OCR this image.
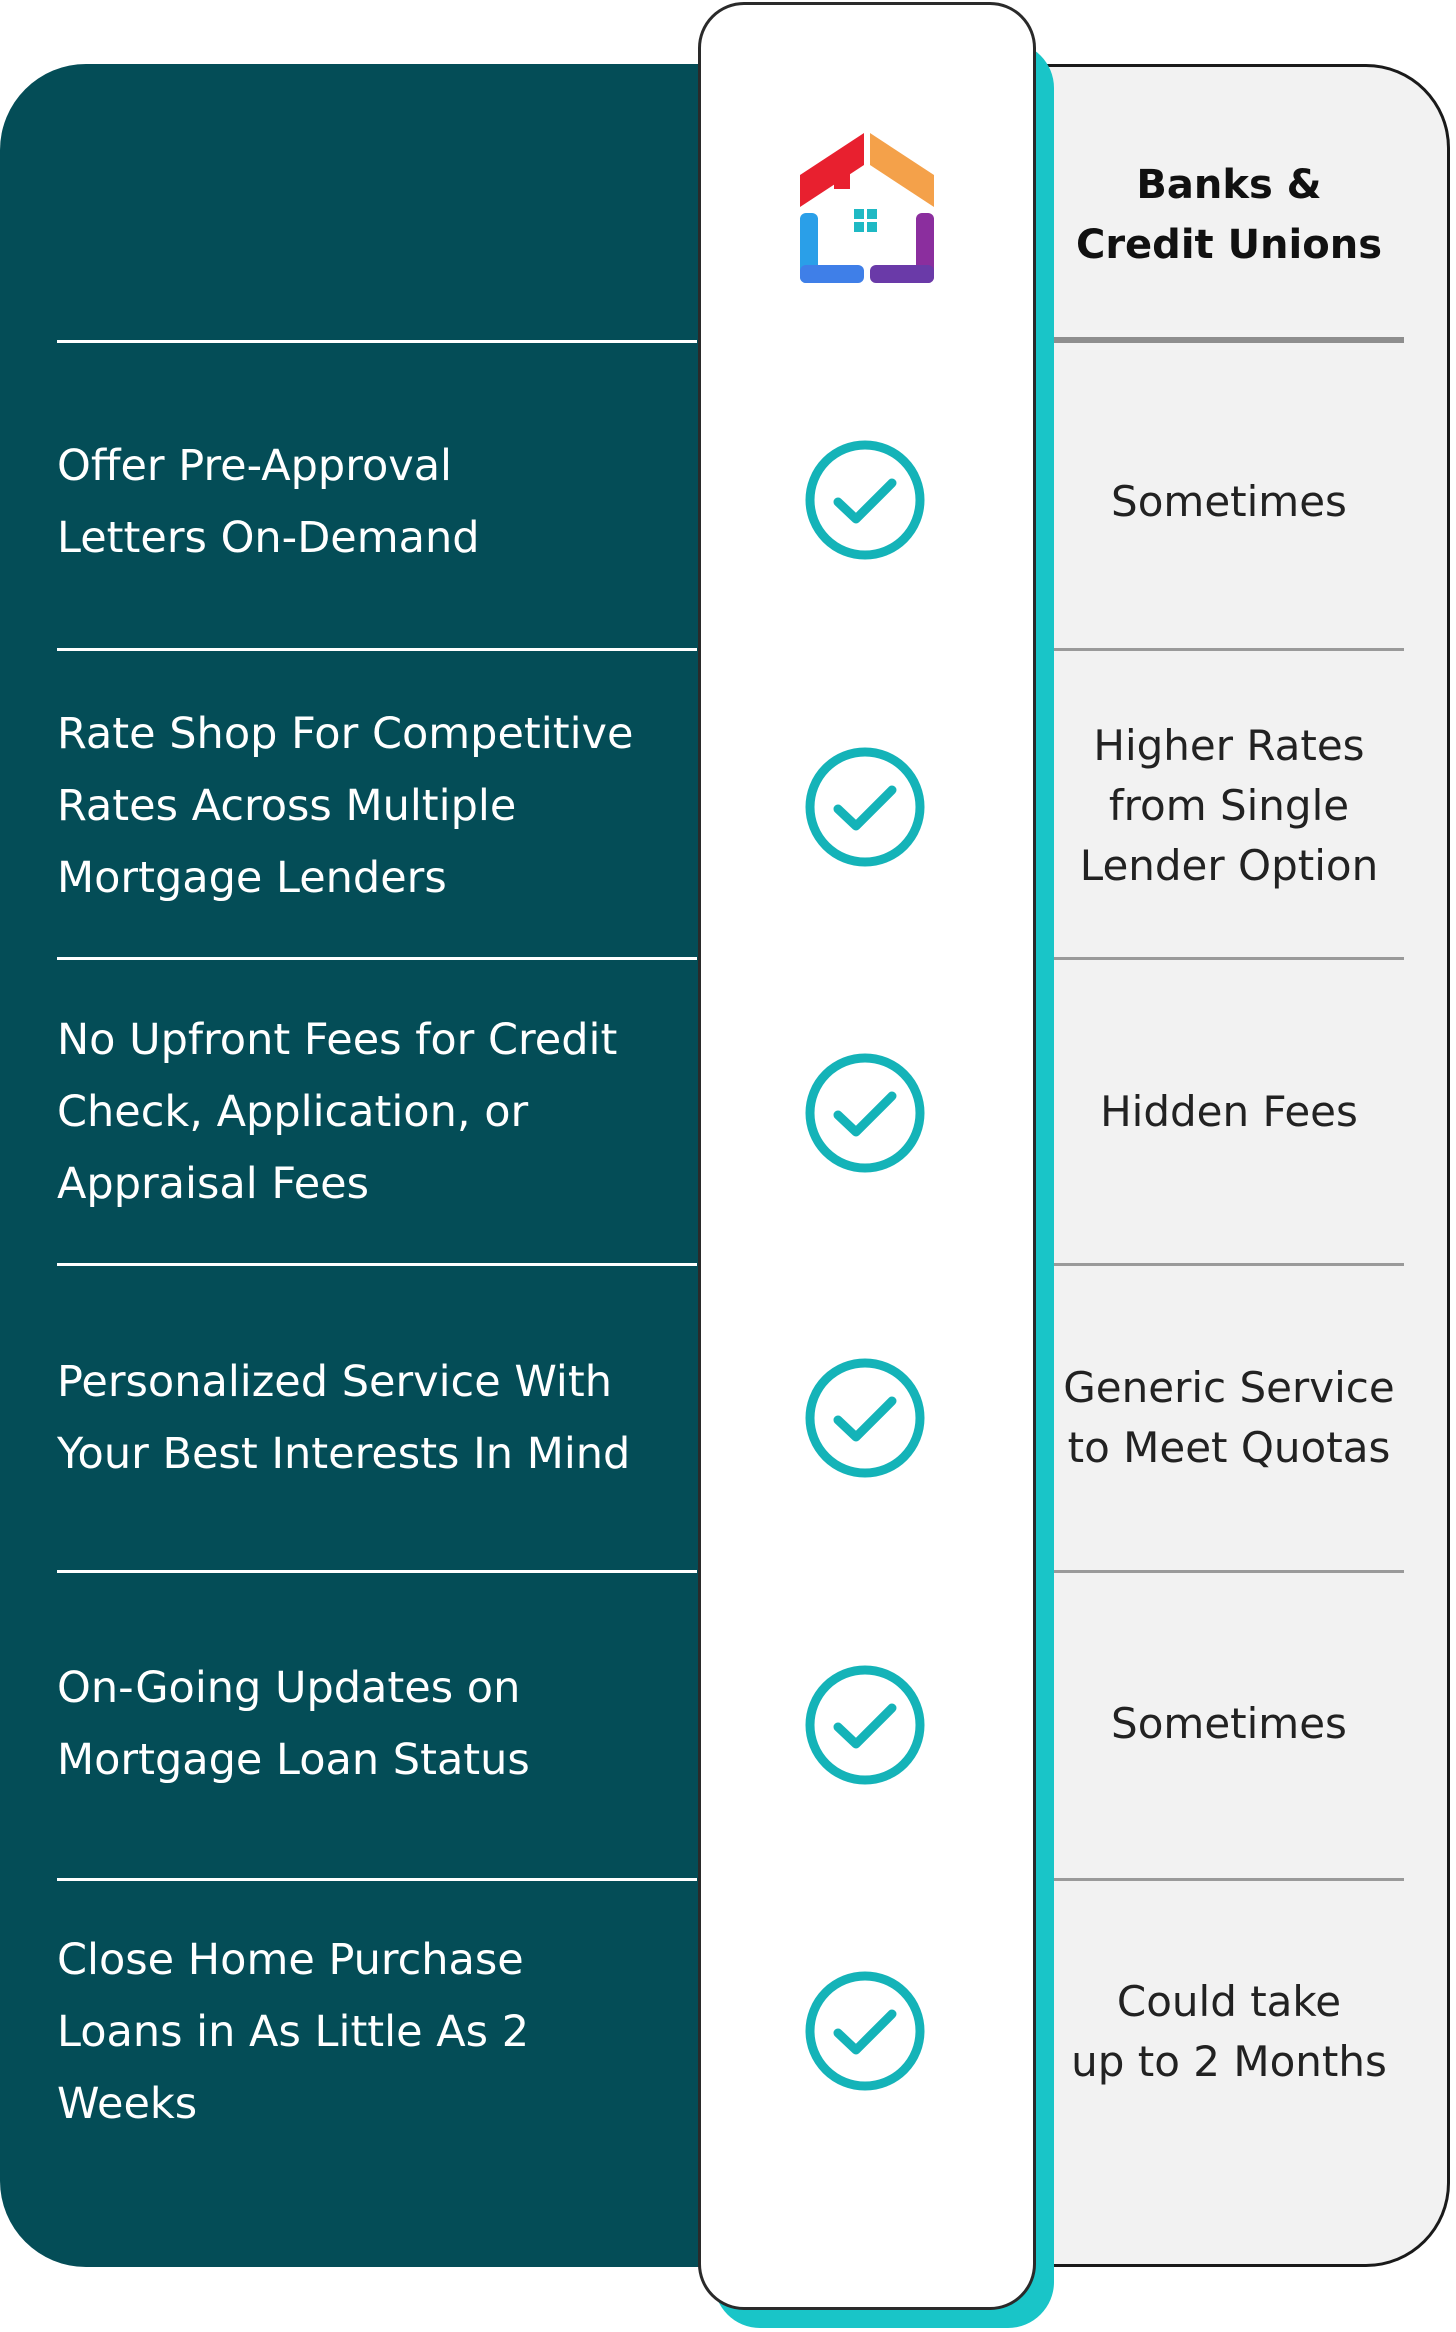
Banks &
Credit Unions
Offer Pre-Approval
Letters On-Demand
Sometimes
Rate Shop For Competitive
Rates Across Multiple
Mortgage Lenders
Higher Rates
from Single
Lender Option
No Upfront Fees for Credit
Check, Application, or
Appraisal Fees
Hidden Fees
Personalized Service With
Your Best Interests In Mind
Generic Service
to Meet Quotas
On-Going Updates on
Mortgage Loan Status
Sometimes
Close Home Purchase
Loans in As Little As 2
Weeks
Could take
up to 2 Months
